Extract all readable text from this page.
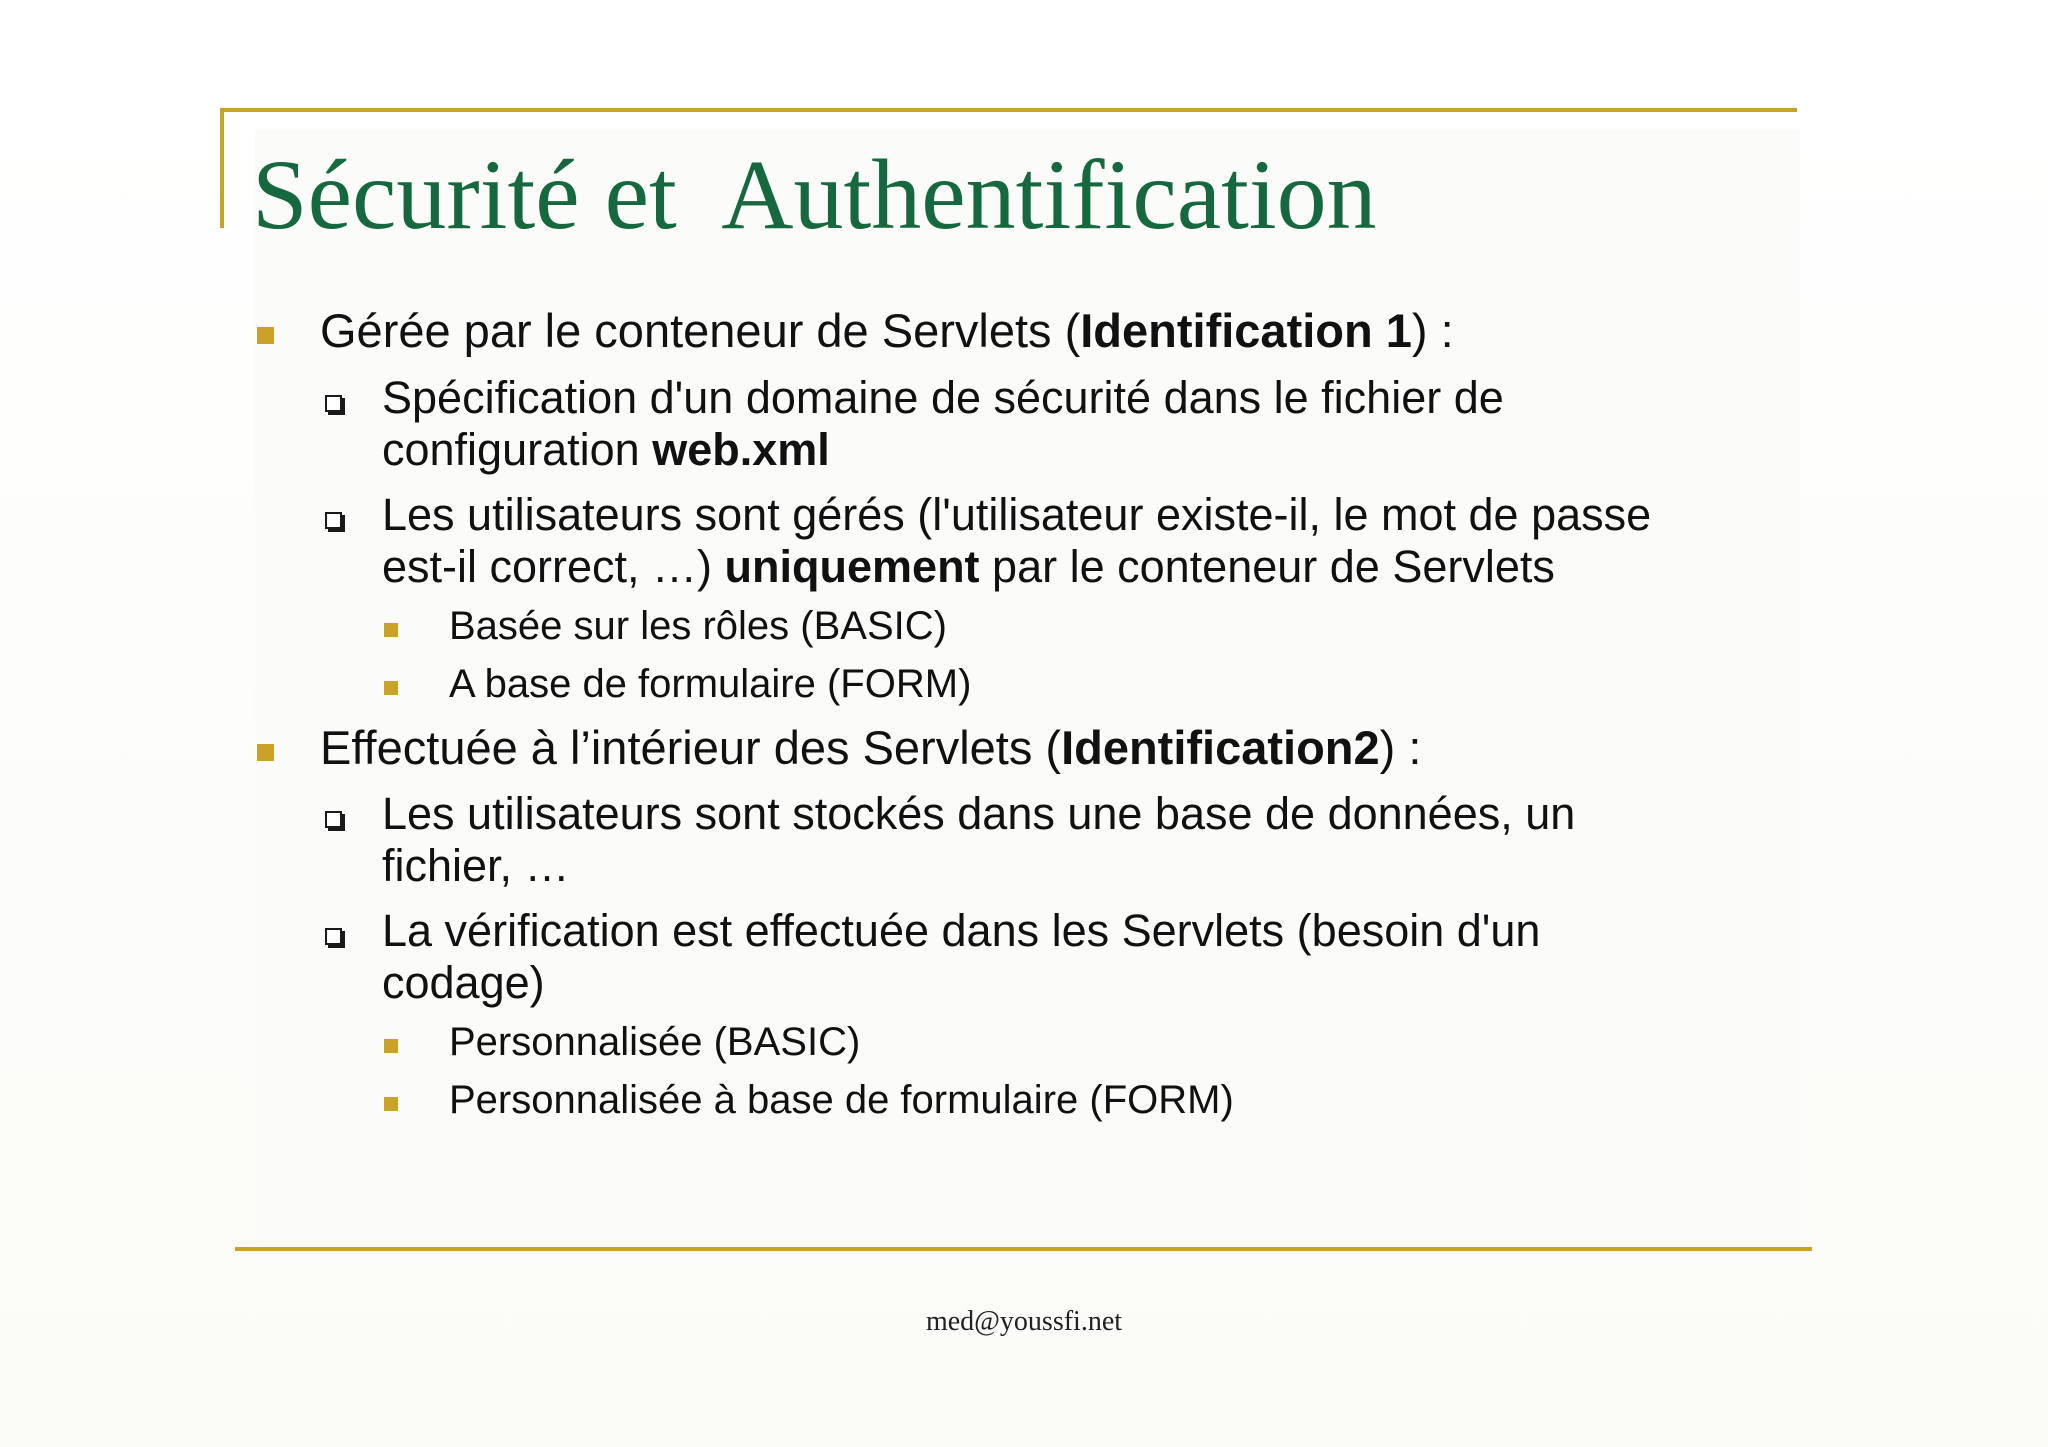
Sécurité et  Authentification
Gérée par le conteneur de Servlets (Identification 1) :
Spécification d'un domaine de sécurité dans le fichier de
configuration web.xml
Les utilisateurs sont gérés (l'utilisateur existe-il, le mot de passe
est-il correct, …) uniquement par le conteneur de Servlets
Basée sur les rôles (BASIC)
A base de formulaire (FORM)
Effectuée à l’intérieur des Servlets (Identification2) :
Les utilisateurs sont stockés dans une base de données, un
fichier, …
La vérification est effectuée dans les Servlets (besoin d'un
codage)
Personnalisée (BASIC)
Personnalisée à base de formulaire (FORM)
med@youssfi.net
